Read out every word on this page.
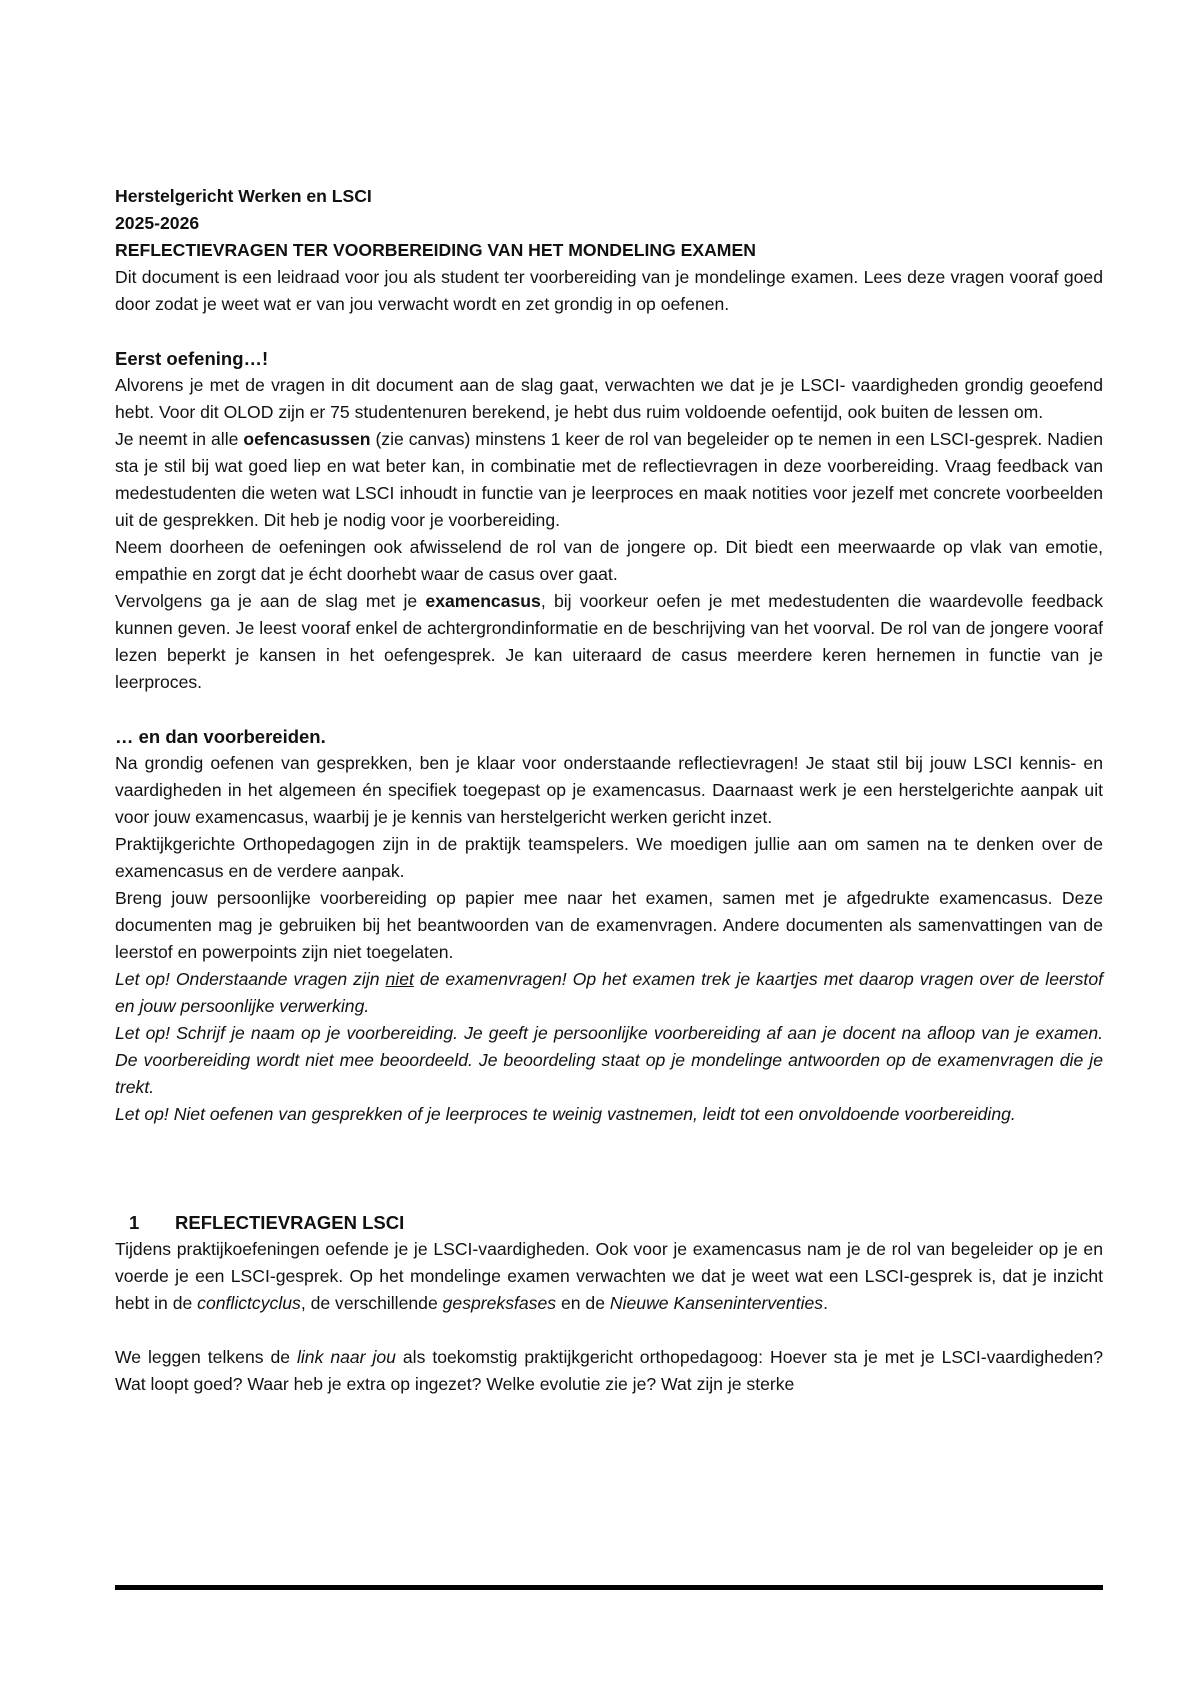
Herstelgericht Werken en LSCI
2025-2026
REFLECTIEVRAGEN TER VOORBEREIDING VAN HET MONDELING EXAMEN

Dit document is een leidraad voor jou als student ter voorbereiding van je mondelinge examen. Lees deze vragen vooraf goed door zodat je weet wat er van jou verwacht wordt en zet grondig in op oefenen.

Eerst oefening…!

Alvorens je met de vragen in dit document aan de slag gaat, verwachten we dat je je LSCI- vaardigheden grondig geoefend hebt. Voor dit OLOD zijn er 75 studentenuren berekend, je hebt dus ruim voldoende oefentijd, ook buiten de lessen om.

Je neemt in alle oefencasussen (zie canvas) minstens 1 keer de rol van begeleider op te nemen in een LSCI-gesprek. Nadien sta je stil bij wat goed liep en wat beter kan, in combinatie met de reflectievragen in deze voorbereiding. Vraag feedback van medestudenten die weten wat LSCI inhoudt in functie van je leerproces en maak notities voor jezelf met concrete voorbeelden uit de gesprekken. Dit heb je nodig voor je voorbereiding.

Neem doorheen de oefeningen ook afwisselend de rol van de jongere op. Dit biedt een meerwaarde op vlak van emotie, empathie en zorgt dat je écht doorhebt waar de casus over gaat.

Vervolgens ga je aan de slag met je examencasus, bij voorkeur oefen je met medestudenten die waardevolle feedback kunnen geven. Je leest vooraf enkel de achtergrondinformatie en de beschrijving van het voorval. De rol van de jongere vooraf lezen beperkt je kansen in het oefengesprek. Je kan uiteraard de casus meerdere keren hernemen in functie van je leerproces.

… en dan voorbereiden.

Na grondig oefenen van gesprekken, ben je klaar voor onderstaande reflectievragen! Je staat stil bij jouw LSCI kennis- en vaardigheden in het algemeen én specifiek toegepast op je examencasus. Daarnaast werk je een herstelgerichte aanpak uit voor jouw examencasus, waarbij je je kennis van herstelgericht werken gericht inzet.

Praktijkgerichte Orthopedagogen zijn in de praktijk teamspelers. We moedigen jullie aan om samen na te denken over de examencasus en de verdere aanpak.

Breng jouw persoonlijke voorbereiding op papier mee naar het examen, samen met je afgedrukte examencasus. Deze documenten mag je gebruiken bij het beantwoorden van de examenvragen. Andere documenten als samenvattingen van de leerstof en powerpoints zijn niet toegelaten.

Let op! Onderstaande vragen zijn niet de examenvragen! Op het examen trek je kaartjes met daarop vragen over de leerstof en jouw persoonlijke verwerking.

Let op! Schrijf je naam op je voorbereiding. Je geeft je persoonlijke voorbereiding af aan je docent na afloop van je examen. De voorbereiding wordt niet mee beoordeeld. Je beoordeling staat op je mondelinge antwoorden op de examenvragen die je trekt.

Let op! Niet oefenen van gesprekken of je leerproces te weinig vastnemen, leidt tot een onvoldoende voorbereiding.

1	REFLECTIEVRAGEN LSCI

Tijdens praktijkoefeningen oefende je je LSCI-vaardigheden. Ook voor je examencasus nam je de rol van begeleider op je en voerde je een LSCI-gesprek. Op het mondelinge examen verwachten we dat je weet wat een LSCI-gesprek is, dat je inzicht hebt in de conflictcyclus, de verschillende gespreksfases en de Nieuwe Kanseninterventies.

We leggen telkens de link naar jou als toekomstig praktijkgericht orthopedagoog: Hoever sta je met je LSCI-vaardigheden? Wat loopt goed? Waar heb je extra op ingezet? Welke evolutie zie je? Wat zijn je sterke
